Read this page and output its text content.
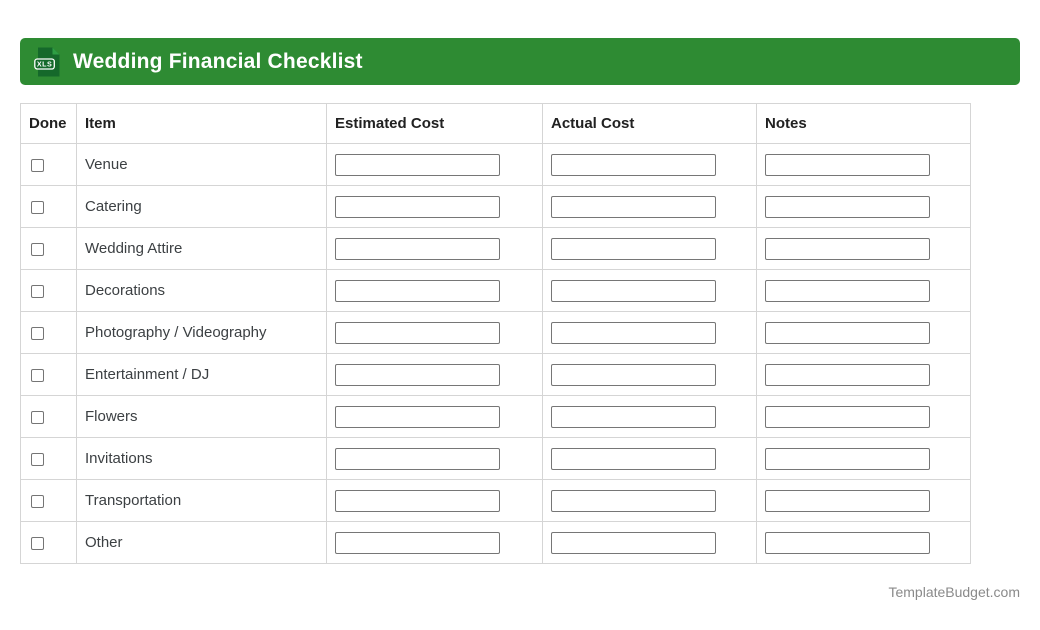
XLS Wedding Financial Checklist
Done	Item	Estimated Cost	Actual Cost	Notes
	Venue	

	Catering	

	Wedding Attire	

	Decorations	

	Photography / Videography	

	Entertainment / DJ	

	Flowers	

	Invitations	

	Transportation	

	Other	

TemplateBudget.com
